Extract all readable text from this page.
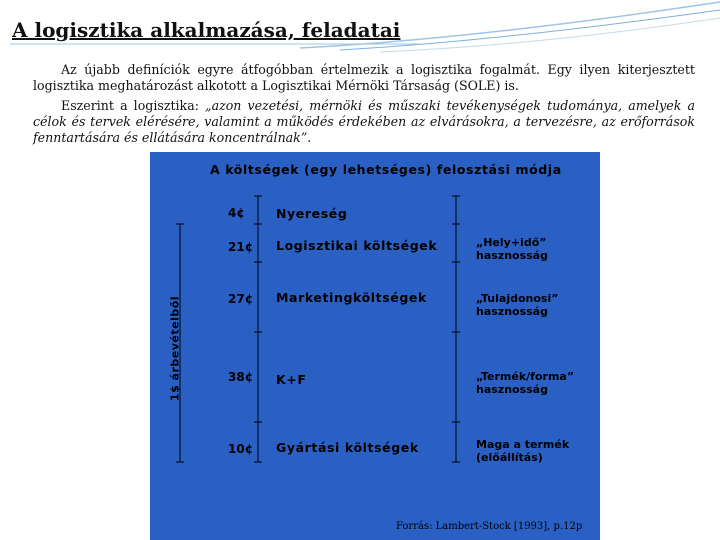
A logisztika alkalmazása, feladatai
Az újabb definíciók egyre átfogóbban értelmezik a logisztika fogalmát. Egy ilyen kiterjesztett logisztika meghatározást alkotott a Logisztikai Mérnöki Társaság (SOLE) is.
Eszerint a logisztika: „azon vezetési, mérnöki és műszaki tevékenységek tudománya, amelyek a célok és tervek elérésére, valamint a működés érdekében az elvárásokra, a tervezésre, az erőforrások fenntartására és ellátására koncentrálnak”.
A költségek (egy lehetséges) felosztási módja
1$ árbevételből
4¢	Nyereség
21¢ Logisztikai költségek	„Hely+idő” hasznosság
27¢ Marketingköltségek	„Tulajdonosi” hasznosság
38¢ K+F	„Termék/forma” hasznosság
10¢ Gyártási költségek	Maga a termék (előállítás)
Forrás: Lambert-Stock [1993], p.12p
